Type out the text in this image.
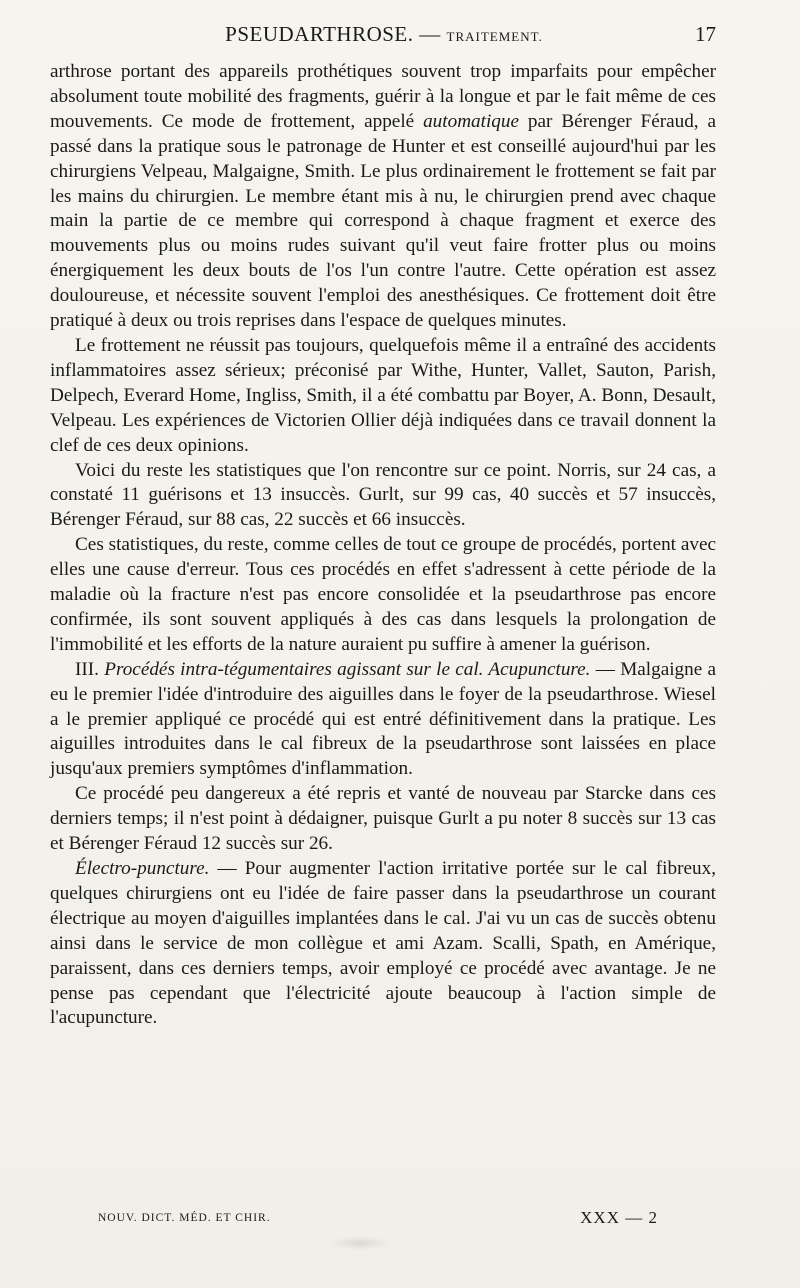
PSEUDARTHROSE. — TRAITEMENT.	17

arthrose portant des appareils prothétiques souvent trop imparfaits pour empêcher absolument toute mobilité des fragments, guérir à la longue et par le fait même de ces mouvements. Ce mode de frottement, appelé automatique par Bérenger Féraud, a passé dans la pratique sous le patronage de Hunter et est conseillé aujourd'hui par les chirurgiens Velpeau, Malgaigne, Smith. Le plus ordinairement le frottement se fait par les mains du chirurgien. Le membre étant mis à nu, le chirurgien prend avec chaque main la partie de ce membre qui correspond à chaque fragment et exerce des mouvements plus ou moins rudes suivant qu'il veut faire frotter plus ou moins énergiquement les deux bouts de l'os l'un contre l'autre. Cette opération est assez douloureuse, et nécessite souvent l'emploi des anesthésiques. Ce frottement doit être pratiqué à deux ou trois reprises dans l'espace de quelques minutes.

Le frottement ne réussit pas toujours, quelquefois même il a entraîné des accidents inflammatoires assez sérieux; préconisé par Withe, Hunter, Vallet, Sauton, Parish, Delpech, Everard Home, Ingliss, Smith, il a été combattu par Boyer, A. Bonn, Desault, Velpeau. Les expériences de Victorien Ollier déjà indiquées dans ce travail donnent la clef de ces deux opinions.

Voici du reste les statistiques que l'on rencontre sur ce point. Norris, sur 24 cas, a constaté 11 guérisons et 13 insuccès. Gurlt, sur 99 cas, 40 succès et 57 insuccès, Bérenger Féraud, sur 88 cas, 22 succès et 66 insuccès.

Ces statistiques, du reste, comme celles de tout ce groupe de procédés, portent avec elles une cause d'erreur. Tous ces procédés en effet s'adressent à cette période de la maladie où la fracture n'est pas encore consolidée et la pseudarthrose pas encore confirmée, ils sont souvent appliqués à des cas dans lesquels la prolongation de l'immobilité et les efforts de la nature auraient pu suffire à amener la guérison.

III. Procédés intra-tégumentaires agissant sur le cal. Acupuncture. — Malgaigne a eu le premier l'idée d'introduire des aiguilles dans le foyer de la pseudarthrose. Wiesel a le premier appliqué ce procédé qui est entré définitivement dans la pratique. Les aiguilles introduites dans le cal fibreux de la pseudarthrose sont laissées en place jusqu'aux premiers symptômes d'inflammation.

Ce procédé peu dangereux a été repris et vanté de nouveau par Starcke dans ces derniers temps; il n'est point à dédaigner, puisque Gurlt a pu noter 8 succès sur 13 cas et Bérenger Féraud 12 succès sur 26.

Électro-puncture. — Pour augmenter l'action irritative portée sur le cal fibreux, quelques chirurgiens ont eu l'idée de faire passer dans la pseudarthrose un courant électrique au moyen d'aiguilles implantées dans le cal. J'ai vu un cas de succès obtenu ainsi dans le service de mon collègue et ami Azam. Scalli, Spath, en Amérique, paraissent, dans ces derniers temps, avoir employé ce procédé avec avantage. Je ne pense pas cependant que l'électricité ajoute beaucoup à l'action simple de l'acupuncture.

NOUV. DICT. MÉD. ET CHIR.	XXX — 2
